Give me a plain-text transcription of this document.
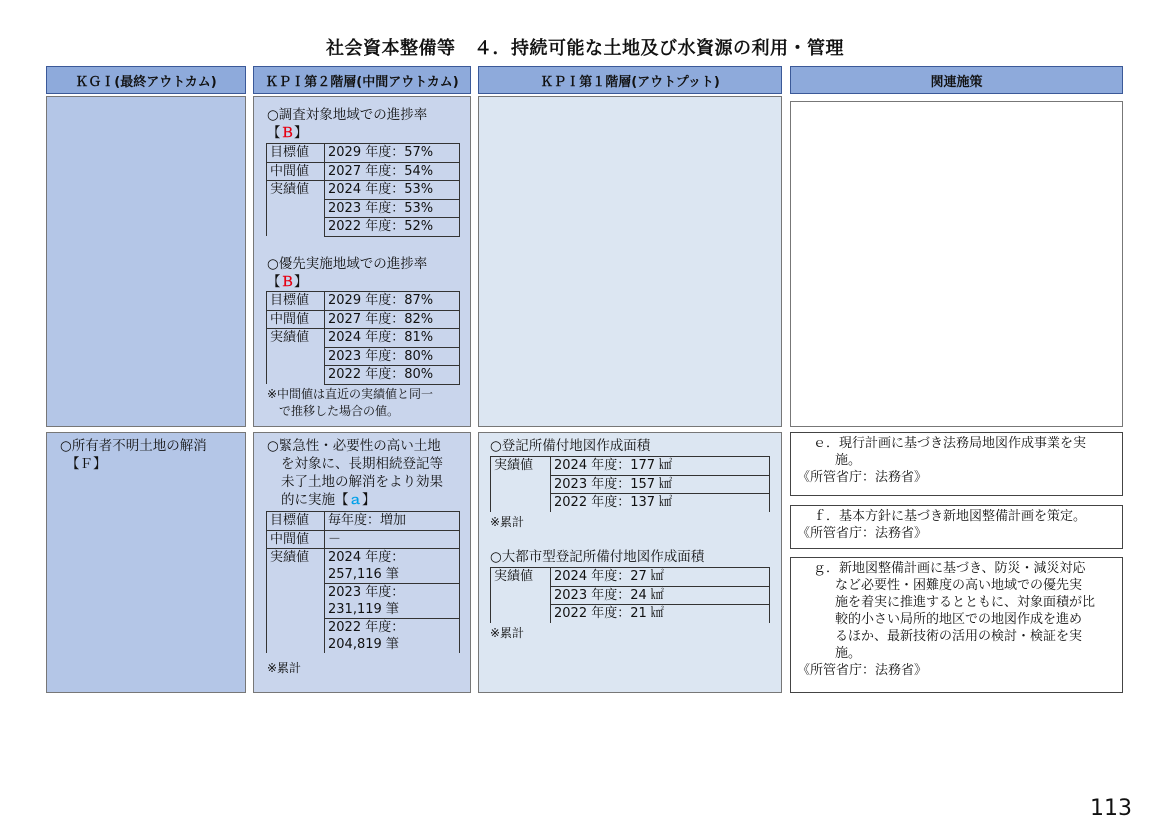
社会資本整備等　４．持続可能な土地及び水資源の利用・管理
ＫＧＩ(最終アウトカム)	ＫＰＩ第２階層(中間アウトカム)	ＫＰＩ第１階層(アウトプット)	関連施策
○調査対象地域での進捗率
【Ｂ】
目標値	2029 年度：57%
中間値	2027 年度：54%
実績値	2024 年度：53%
	2023 年度：53%
	2022 年度：52%
○優先実施地域での進捗率
【Ｂ】
目標値	2029 年度：87%
中間値	2027 年度：82%
実績値	2024 年度：81%
	2023 年度：80%
	2022 年度：80%
※中間値は直近の実績値と同一
で推移した場合の値。
○所有者不明土地の解消
【Ｆ】
○緊急性・必要性の高い土地
を対象に、長期相続登記等
未了土地の解消をより効果
的に実施【ａ】
目標値	毎年度：増加
中間値	－
実績値	2024 年度：
257,116 筆

	2023 年度：
231,119 筆

	2022 年度：
204,819 筆
※累計
○登記所備付地図作成面積
実績値	2024 年度：177 ㎢
	2023 年度：157 ㎢
	2022 年度：137 ㎢
※累計
○大都市型登記所備付地図作成面積
実績値	2024 年度：27 ㎢
	2023 年度：24 ㎢
	2022 年度：21 ㎢
※累計
ｅ．現行計画に基づき法務局地図作成事業を実
施。
《所管省庁：法務省》
ｆ．基本方針に基づき新地図整備計画を策定。
《所管省庁：法務省》
ｇ．新地図整備計画に基づき、防災・減災対応
など必要性・困難度の高い地域での優先実
施を着実に推進するとともに、対象面積が比
較的小さい局所的地区での地図作成を進め
るほか、最新技術の活用の検討・検証を実
施。
《所管省庁：法務省》
113
